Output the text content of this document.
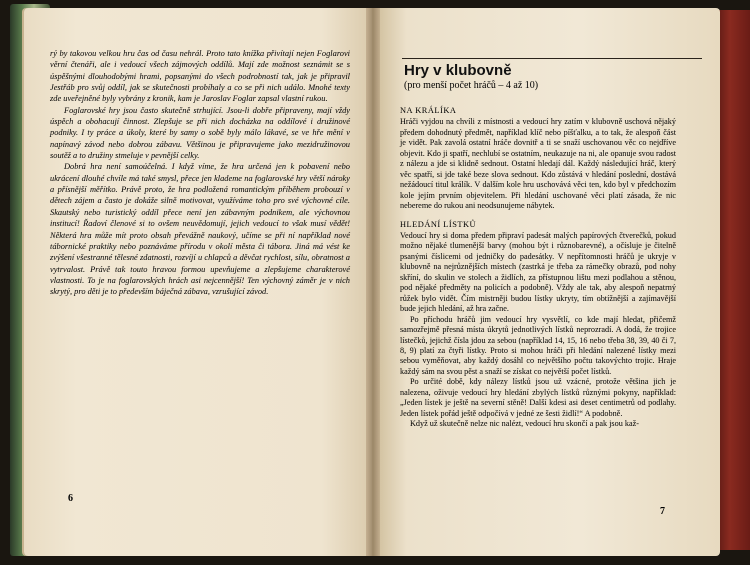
rý by takovou velkou hru čas od času nehrál. Proto tato knížka přivítají nejen Foglarovi věrní čtenáři, ale i vedoucí všech zájmových oddílů. Mají zde možnost seznámit se s úspěšnými dlouhodobými hrami, popsanými do všech podrobností tak, jak je připravil Jestřáb pro svůj oddíl, jak se skutečnosti probíhaly a co se při nich událo. Mnohé texty zde uveřejněné byly vybrány z kronik, kam je Jaroslav Foglar zapsal vlastní rukou.

Foglarovské hry jsou často skutečně strhující. Jsou-li dobře připraveny, mají vždy úspěch a obohacují činnost. Zlepšuje se při nich docházka na oddílové i družinové podniky. I ty práce a úkoly, které by samy o sobě byly málo lákavé, se ve hře mění v napínavý závod nebo dobrou zábavu. Většinou je připravujeme jako mezidružinovou soutěž a to družiny stmeluje v pevnější celky.

Dobrá hra není samoúčelná. I když víme, že hra určená jen k pobavení nebo ukrácení dlouhé chvíle má také smysl, přece jen klademe na foglarovské hry větší nároky a přísnější měřítko. Právě proto, že hra podložená romantickým příběhem probouzí v dětech zájem a často je dokáže silně motivovat, využíváme toho pro své výchovné cíle. Skautský nebo turistický oddíl přece není jen zábavným podnikem, ale výchovnou institucí! Řadoví členové si to ovšem neuvědomují, jejich vedoucí to však musí vědět! Některá hra může mít proto obsah převážně naukový, učíme se při ní například nové tábornické praktiky nebo poznáváme přírodu v okolí města či tábora. Jiná má vést ke zvýšení všestranné tělesné zdatnosti, rozvíjí u chlapců a děvčat rychlost, sílu, obratnost a vytrvalost. Právě tak touto hravou formou upevňujeme a zlepšujeme charakterové vlastnosti. To je na foglarovských hrách asi nejcennější! Ten výchovný záměr je v nich skrytý, pro děti je to především báječná zábava, vzrušující závod.

6
Hry v klubovně
(pro menší počet hráčů – 4 až 10)
NA KRÁLÍKA

Hráči vyjdou na chvíli z místnosti a vedoucí hry zatím v klubovně uschová nějaký předem dohodnutý předmět, například klíč nebo píšťalku, a to tak, že alespoň část je vidět. Pak zavolá ostatní hráče dovnitř a ti se snaží uschovanou věc co nejdříve objevit. Kdo ji spatří, nechlubí se ostatním, neukazuje na ni, ale opanuje svou radost z nálezu a jde si klidně sednout. Ostatní hledají dál. Každý následující hráč, který věc spatří, si jde také beze slova sednout. Kdo zůstává v hledání poslední, dostává nežádoucí titul králík. V dalším kole hru uschovává věci ten, kdo byl v předchozím kole jejím prvním objevitelem. Při hledání uschované věci platí zásada, že nic nebereme do rukou ani neodsunujeme nábytek.

HLEDÁNÍ LÍSTKŮ

Vedoucí hry si doma předem připraví padesát malých papírových čtverečků, pokud možno nějaké tlumenější barvy (mohou být i různobarevné), a očísluje je čitelně psanými číslicemi od jedničky do padesátky. V nepřítomnosti hráčů je ukryje v klubovně na nejrůznějších místech (zastrká je třeba za rámečky obrazů, pod nohy skříní, do skulin ve stolech a židlích, za přístupnou lištu mezi podlahou a stěnou, pod nějaké předměty na policích a podobně). Vždy ale tak, aby alespoň nepatrný růžek bylo vidět. Čím mistrněji budou lístky ukryty, tím obtížnější a zajímavější bude jejich hledání, až hra začne.

Po příchodu hráčů jim vedoucí hry vysvětlí, co kde mají hledat, přičemž samozřejmě přesná místa úkrytů jednotlivých lístků neprozradí. A dodá, že trojice lístečků, jejichž čísla jdou za sebou (například 14, 15, 16 nebo třeba 38, 39, 40 či 7, 8, 9) platí za čtyři lístky. Proto si mohou hráči při hledání nalezené lístky mezi sebou vyměňovat, aby každý dosáhl co největšího počtu takovýchto trojic. Hraje každý sám na svou pěst a snaží se získat co největší počet lístků.

Po určité době, kdy nálezy lístků jsou už vzácné, protože většina jich je nalezena, oživuje vedoucí hry hledání zbylých lístků různými pokyny, například: „Jeden lístek je ještě na severní stěně! Další kdesi asi deset centimetrů od podlahy. Jeden lístek pořád ještě odpočívá v jedné ze šesti židlí!“ A podobně.

Když už skutečně nelze nic nalézt, vedoucí hru skončí a pak jsou kaž-

7
